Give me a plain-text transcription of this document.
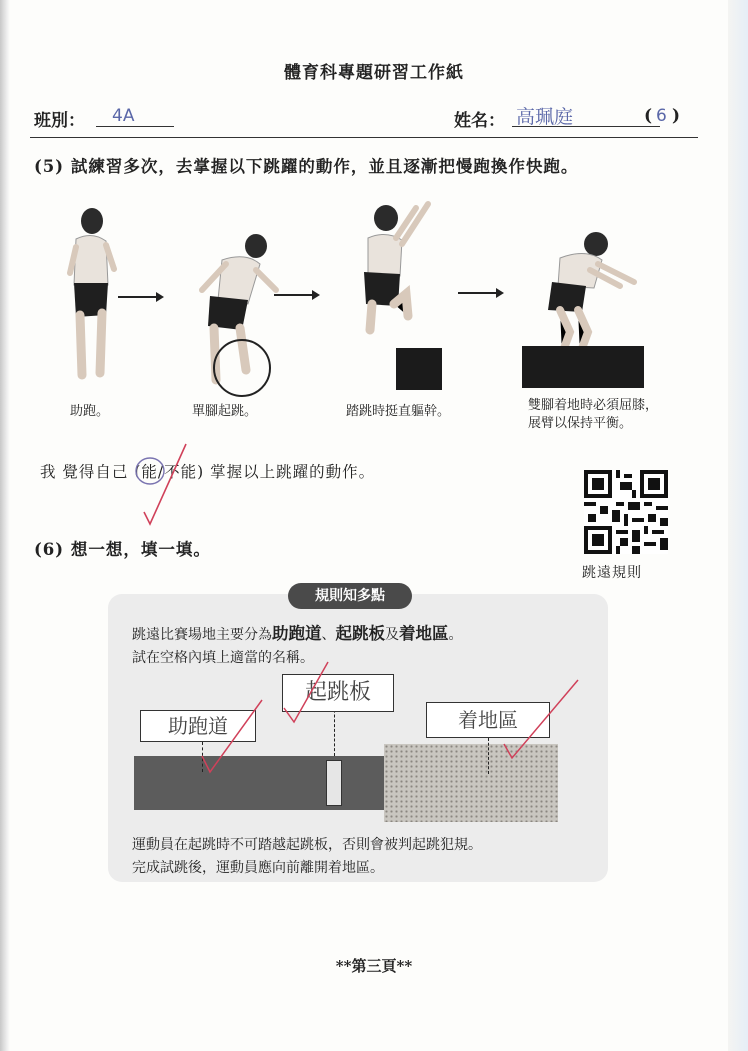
體育科專題研習工作紙
班別： 4A	姓名： 高珮庭	( 6 )
(5) 試練習多次，去掌握以下跳躍的動作，並且逐漸把慢跑換作快跑。
助跑。	單腳起跳。	踏跳時挺直軀幹。	雙腳着地時必須屈膝，
展臂以保持平衡。
我 覺得自己 (能
/不能) 掌握以上跳躍的動作。
(6) 想一想，填一填。
跳遠規則
規則知多點
跳遠比賽場地主要分為助跑道、起跳板及着地區。
試在空格內填上適當的名稱。
助跑道
起跳板
着地區
運動員在起跳時不可踏越起跳板，否則會被判起跳犯規。
完成試跳後，運動員應向前離開着地區。
**第三頁**
